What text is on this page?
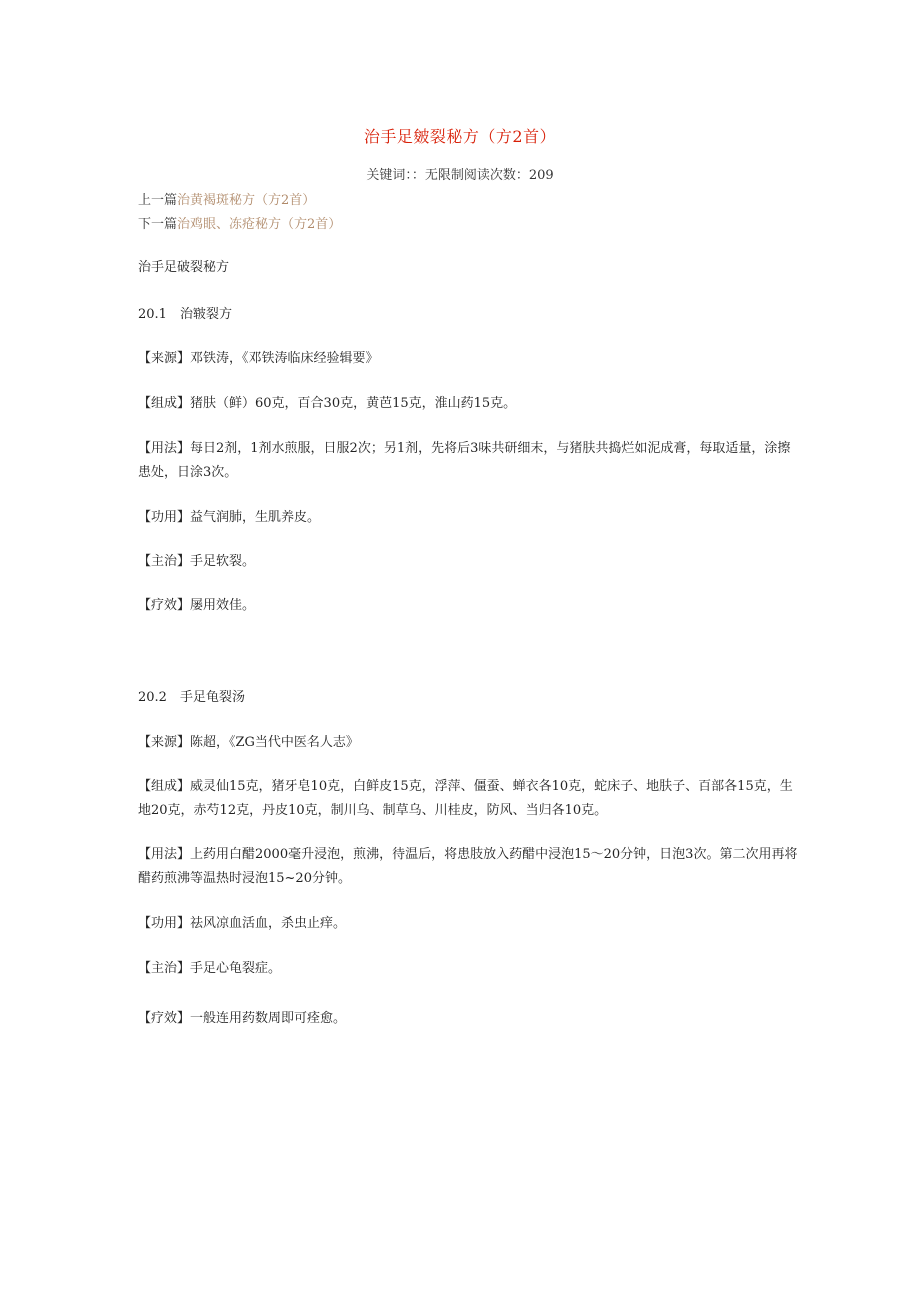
治手足皴裂秘方（方2首）
关键词：：无限制阅读次数：209
上一篇治黄褐斑秘方（方2首）
下一篇治鸡眼、冻疮秘方（方2首）
治手足破裂秘方
20.1 治皲裂方
【来源】邓铁涛，《邓铁涛临床经验辑要》
【组成】猪肤（鲜）60克，百合30克，黄芭15克，淮山药15克。
【用法】每日2剂，1剂水煎服，日服2次；另1剂，先将后3味共研细末，与猪肤共捣烂如泥成膏，每取适量，涂擦患处，日涂3次。
【功用】益气润肺，生肌养皮。
【主治】手足软裂。
【疗效】屡用效佳。
20.2 手足龟裂汤
【来源】陈超，《ZG当代中医名人志》
【组成】威灵仙15克，猪牙皂10克，白鲜皮15克，浮萍、僵蚕、蝉衣各10克，蛇床子、地肤子、百部各15克，生地20克，赤芍12克，丹皮10克，制川乌、制草乌、川桂皮，防风、当归各10克。
【用法】上药用白醋2000毫升浸泡，煎沸，待温后，将患肢放入药醋中浸泡15～20分钟，日泡3次。第二次用再将醋药煎沸等温热时浸泡15~20分钟。
【功用】祛风凉血活血，杀虫止痒。
【主治】手足心龟裂症。
【疗效】一般连用药数周即可痊愈。
